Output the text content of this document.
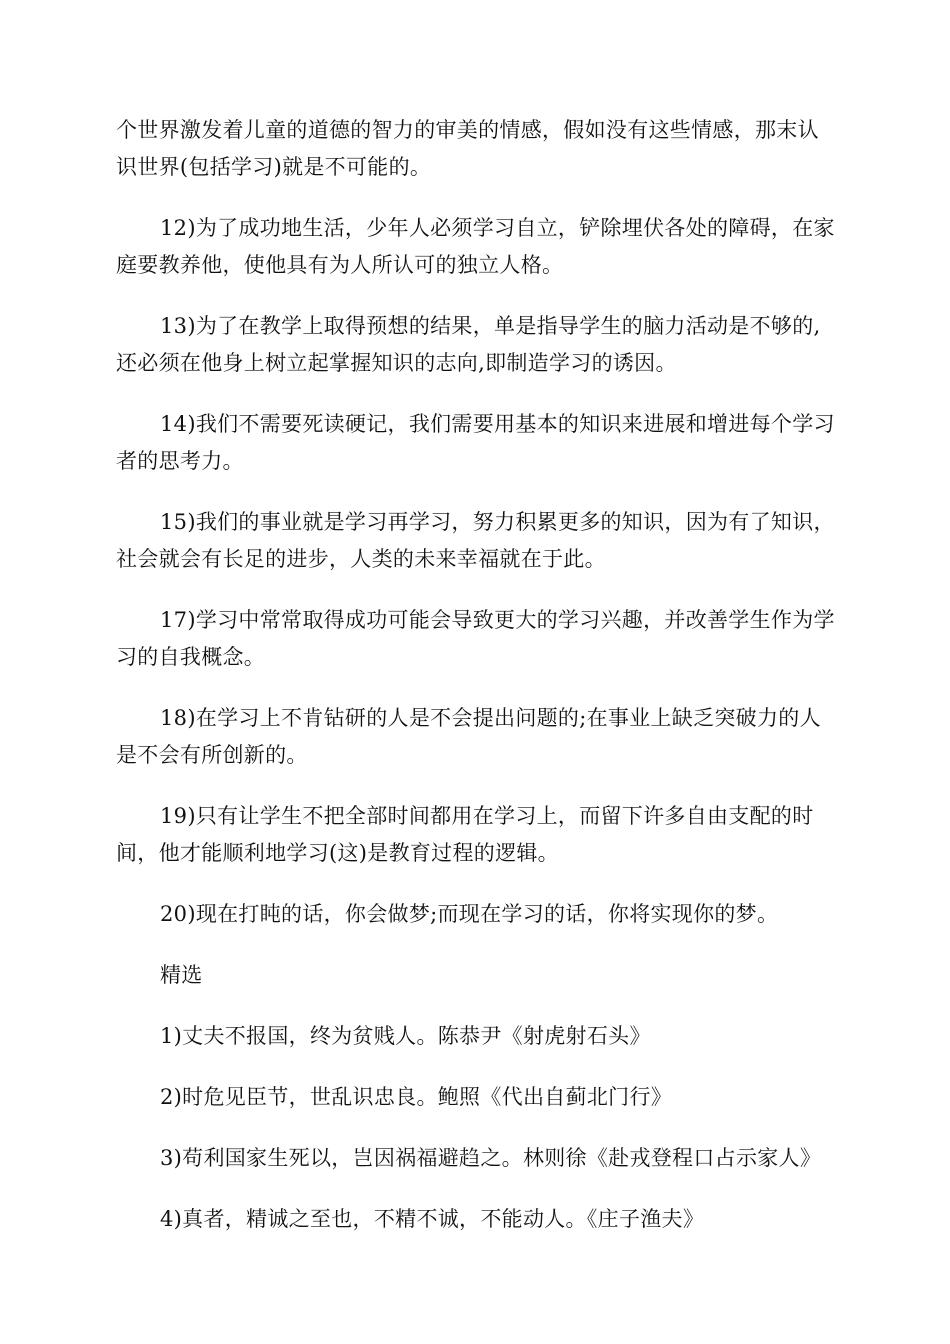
个世界激发着儿童的道德的智力的审美的情感，假如没有这些情感，那末认识世界(包括学习)就是不可能的。

12)为了成功地生活，少年人必须学习自立，铲除埋伏各处的障碍，在家庭要教养他，使他具有为人所认可的独立人格。

13)为了在教学上取得预想的结果，单是指导学生的脑力活动是不够的,还必须在他身上树立起掌握知识的志向,即制造学习的诱因。

14)我们不需要死读硬记，我们需要用基本的知识来进展和增进每个学习者的思考力。

15)我们的事业就是学习再学习，努力积累更多的知识，因为有了知识，社会就会有长足的进步，人类的未来幸福就在于此。

17)学习中常常取得成功可能会导致更大的学习兴趣，并改善学生作为学习的自我概念。

18)在学习上不肯钻研的人是不会提出问题的;在事业上缺乏突破力的人是不会有所创新的。

19)只有让学生不把全部时间都用在学习上，而留下许多自由支配的时间，他才能顺利地学习(这)是教育过程的逻辑。

20)现在打盹的话，你会做梦;而现在学习的话，你将实现你的梦。

精选

1)丈夫不报国，终为贫贱人。陈恭尹《射虎射石头》

2)时危见臣节，世乱识忠良。鲍照《代出自蓟北门行》

3)苟利国家生死以，岂因祸福避趋之。林则徐《赴戎登程口占示家人》

4)真者，精诚之至也，不精不诚，不能动人。《庄子渔夫》
